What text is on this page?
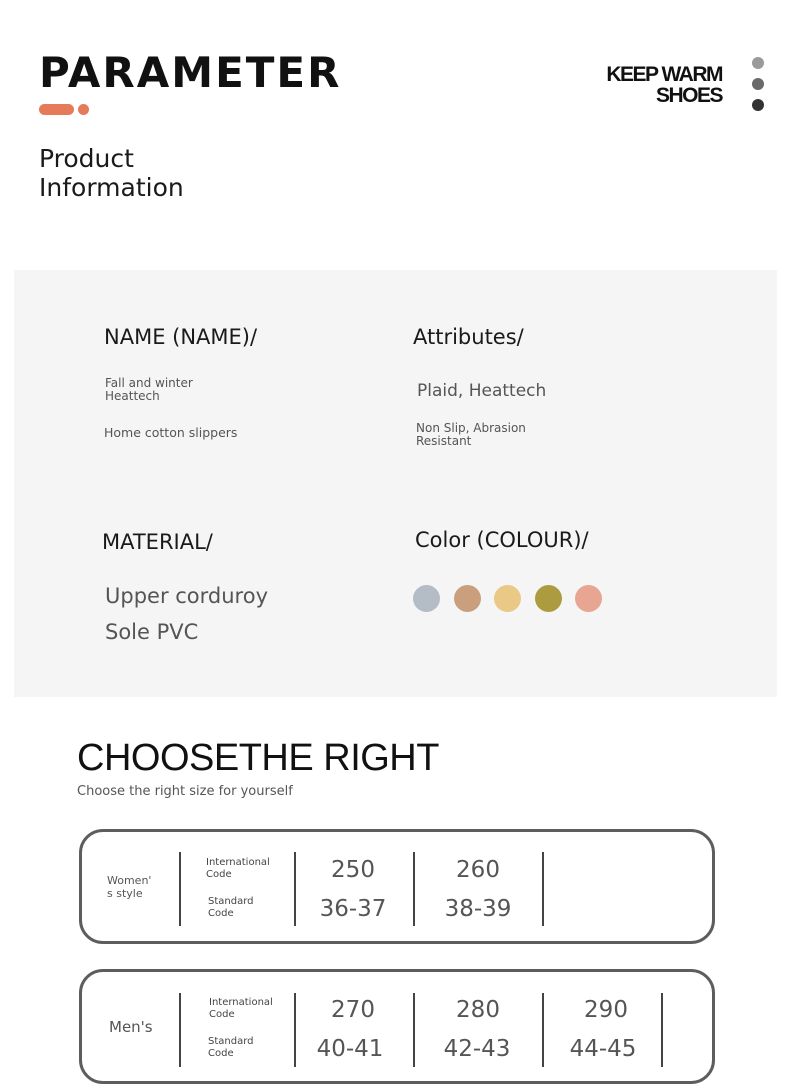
PARAMETER
Product
Information
KEEP WARM
SHOES
NAME (NAME)/
Fall and winter
Heattech
Home cotton slippers
Attributes/
Plaid, Heattech
Non Slip, Abrasion
Resistant
MATERIAL/
Upper corduroy
Sole PVC
Color (COLOUR)/
CHOOSETHE RIGHT
Choose the right size for yourself
Women'
s style
International
Code
Standard
Code
250
36-37
260
38-39
Men's
International
Code
Standard
Code
270
40-41
280
42-43
290
44-45
